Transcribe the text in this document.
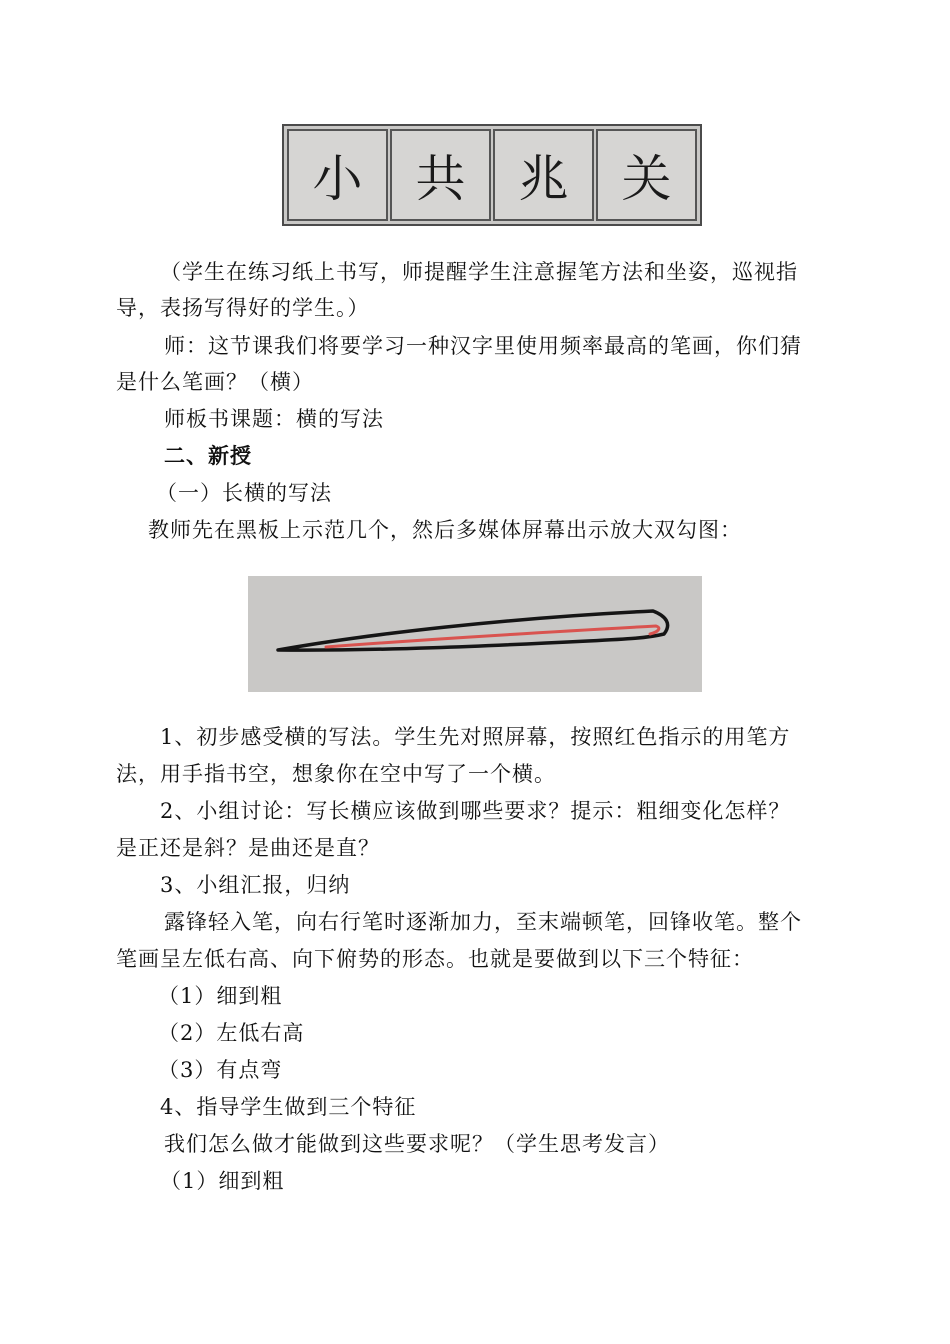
小	共	兆	关
（学生在练习纸上书写，师提醒学生注意握笔方法和坐姿，巡视指
导，表扬写得好的学生。）
师：这节课我们将要学习一种汉字里使用频率最高的笔画，你们猜
是什么笔画？（横）
师板书课题：横的写法
二、新授
（一）长横的写法
教师先在黑板上示范几个，然后多媒体屏幕出示放大双勾图：
1、初步感受横的写法。学生先对照屏幕，按照红色指示的用笔方
法，用手指书空，想象你在空中写了一个横。
2、小组讨论：写长横应该做到哪些要求？提示：粗细变化怎样？
是正还是斜？是曲还是直？
3、小组汇报，归纳
露锋轻入笔，向右行笔时逐渐加力，至末端顿笔，回锋收笔。整个
笔画呈左低右高、向下俯势的形态。也就是要做到以下三个特征：
（1）细到粗
（2）左低右高
（3）有点弯
4、指导学生做到三个特征
我们怎么做才能做到这些要求呢？（学生思考发言）
（1）细到粗
